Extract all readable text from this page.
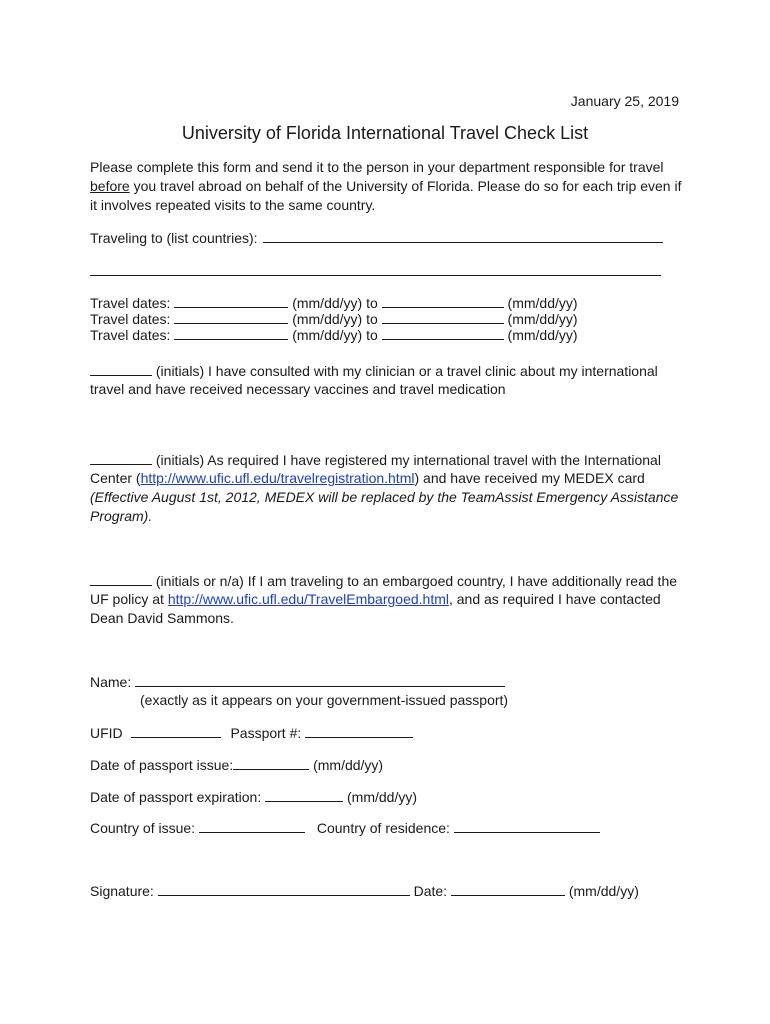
January 25, 2019
University of Florida International Travel Check List
Please complete this form and send it to the person in your department responsible for travel
before you travel abroad on behalf of the University of Florida. Please do so for each trip even if
it involves repeated visits to the same country.
Traveling to (list countries):
Travel dates:	(mm/dd/yy) to	(mm/dd/yy)
Travel dates:	(mm/dd/yy) to	(mm/dd/yy)
Travel dates:	(mm/dd/yy) to	(mm/dd/yy)
(initials) I have consulted with my clinician or a travel clinic about my international
travel and have received necessary vaccines and travel medication
(initials) As required I have registered my international travel with the International
Center (http://www.ufic.ufl.edu/travelregistration.html) and have received my MEDEX card
(Effective August 1st, 2012, MEDEX will be replaced by the TeamAssist Emergency Assistance
Program).
(initials or n/a) If I am traveling to an embargoed country, I have additionally read the
UF policy at http://www.ufic.ufl.edu/TravelEmbargoed.html, and as required I have contacted
Dean David Sammons.
Name:
(exactly as it appears on your government-issued passport)
UFID	Passport #:
Date of passport issue:	(mm/dd/yy)
Date of passport expiration:	(mm/dd/yy)
Country of issue:	Country of residence:
Signature:	Date:	(mm/dd/yy)
